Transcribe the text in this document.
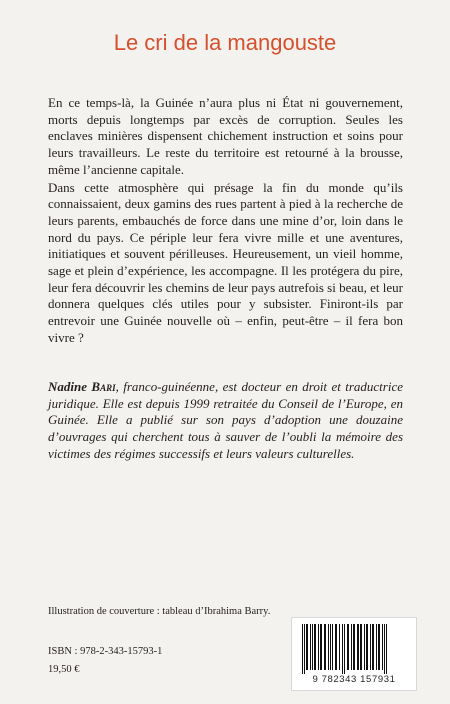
Le cri de la mangouste

En ce temps-là, la Guinée n’aura plus ni État ni gouvernement, morts depuis longtemps par excès de corruption. Seules les enclaves minières dispensent chichement instruction et soins pour leurs travailleurs. Le reste du territoire est retourné à la brousse, même l’ancienne capitale.

Dans cette atmosphère qui présage la fin du monde qu’ils connaissaient, deux gamins des rues partent à pied à la recherche de leurs parents, embauchés de force dans une mine d’or, loin dans le nord du pays. Ce périple leur fera vivre mille et une aventures, initiatiques et souvent périlleuses. Heureusement, un vieil homme, sage et plein d’expérience, les accompagne. Il les protégera du pire, leur fera découvrir les chemins de leur pays autrefois si beau, et leur donnera quelques clés utiles pour y subsister. Finiront-ils par entrevoir une Guinée nouvelle où – enfin, peut-être – il fera bon vivre ?

Nadine Bari, franco-guinéenne, est docteur en droit et traductrice juridique. Elle est depuis 1999 retraitée du Conseil de l’Europe, en Guinée. Elle a publié sur son pays d’adoption une douzaine d’ouvrages qui cherchent tous à sauver de l’oubli la mémoire des victimes des régimes successifs et leurs valeurs culturelles.
Illustration de couverture : tableau d’Ibrahima Barry.
ISBN : 978-2-343-15793-1
19,50 €
9 782343 157931
